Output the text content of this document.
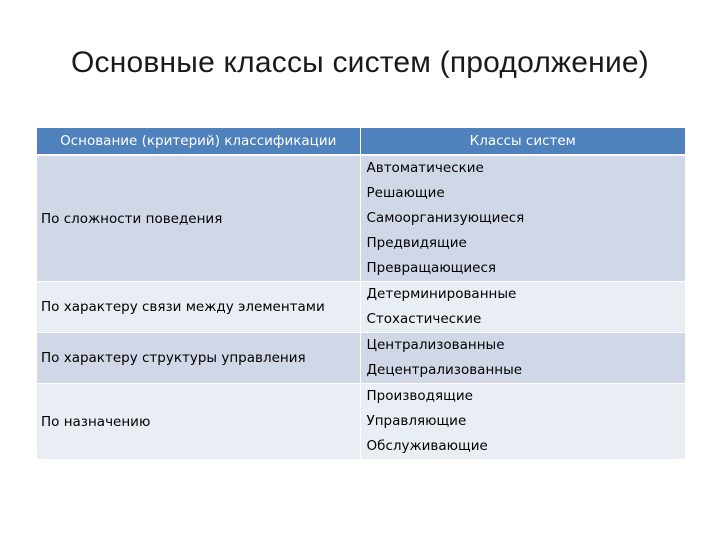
Основные классы систем (продолжение)
Основание (критерий) классификации	Классы систем
По сложности поведения	Автоматические
Решающие
Самоорганизующиеся
Предвидящие
Превращающиеся

По характеру связи между элементами	Детерминированные
Стохастические

По характеру структуры управления	Централизованные
Децентрализованные

По назначению	Производящие
Управляющие
Обслуживающие
